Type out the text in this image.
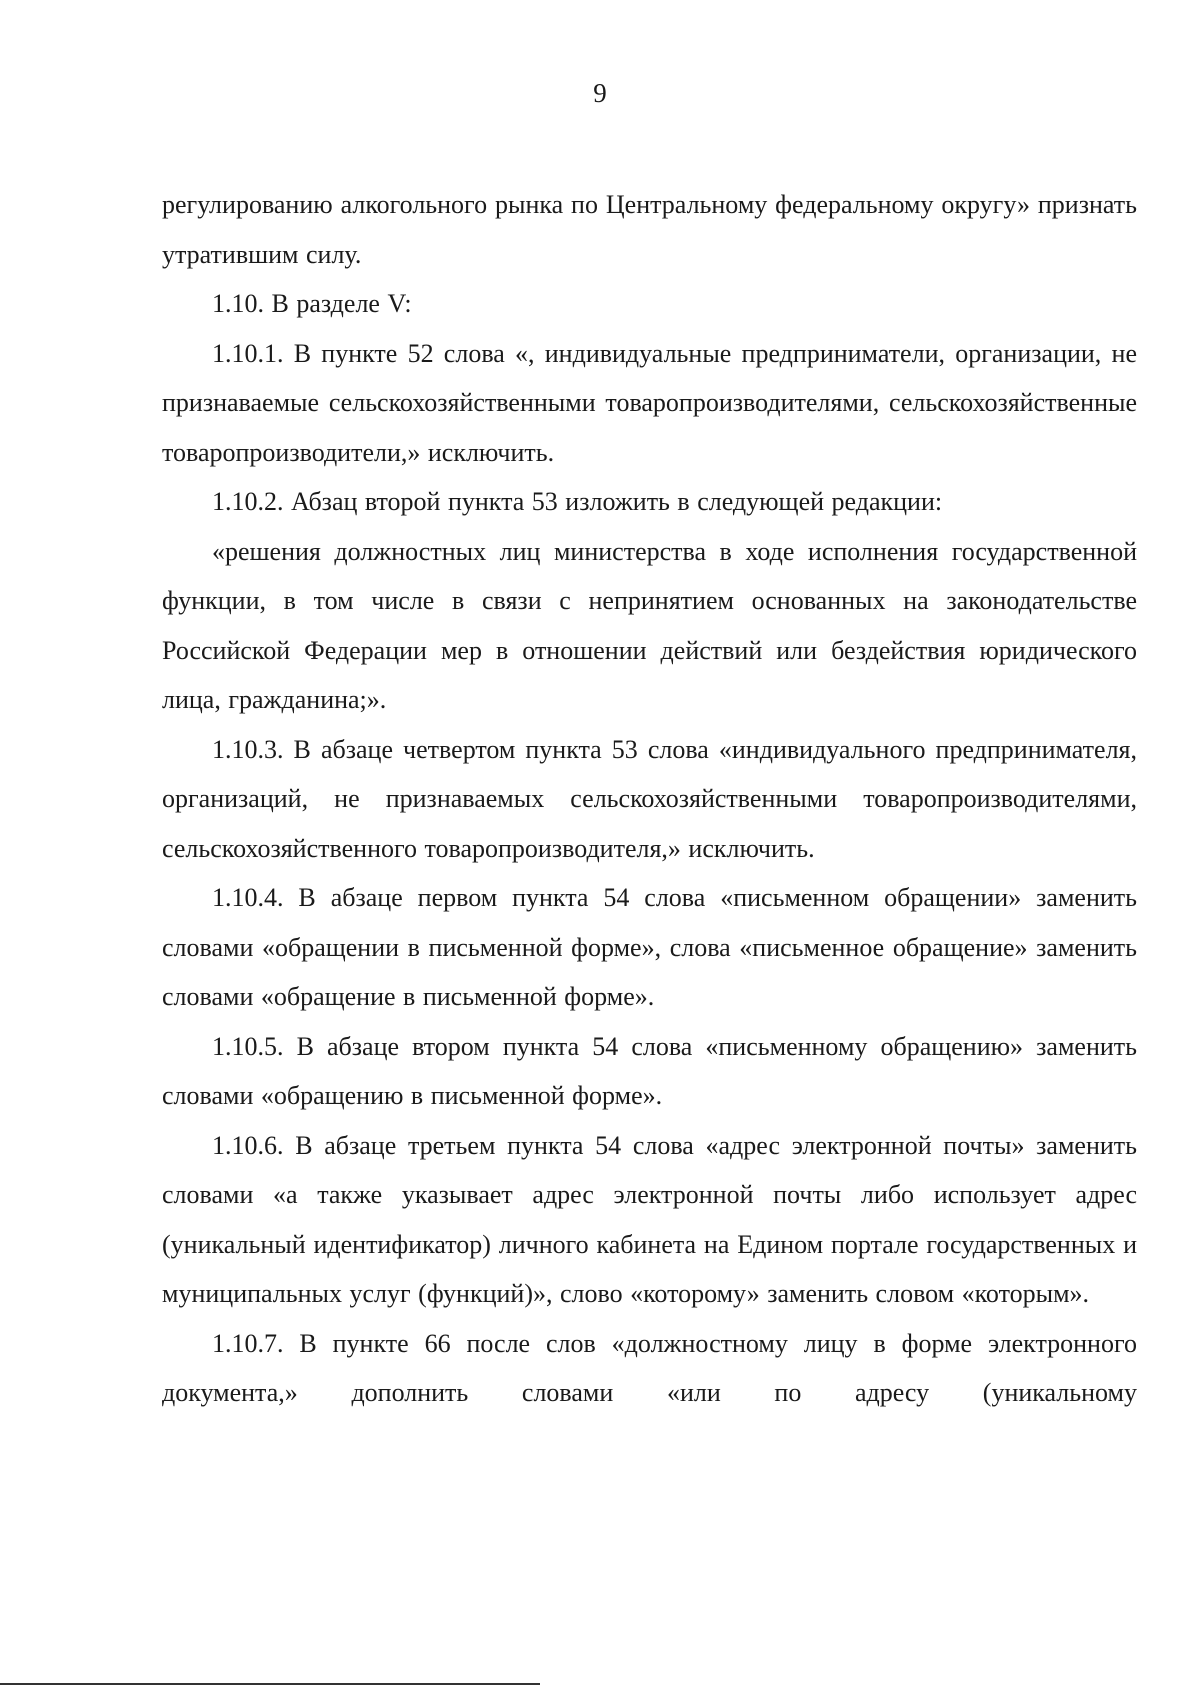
9

регулированию алкогольного рынка по Центральному федеральному округу» признать утратившим силу.

1.10. В разделе V:

1.10.1. В пункте 52 слова «, индивидуальные предприниматели, организации, не признаваемые сельскохозяйственными товаропроизводителями, сельскохозяйственные товаропроизводители,» исключить.

1.10.2. Абзац второй пункта 53 изложить в следующей редакции:

«решения должностных лиц министерства в ходе исполнения государственной функции, в том числе в связи с непринятием основанных на законодательстве Российской Федерации мер в отношении действий или бездействия юридического лица, гражданина;».

1.10.3. В абзаце четвертом пункта 53 слова «индивидуального предпринимателя, организаций, не признаваемых сельскохозяйственными товаропроизводителями, сельскохозяйственного товаропроизводителя,» исключить.

1.10.4. В абзаце первом пункта 54 слова «письменном обращении» заменить словами «обращении в письменной форме», слова «письменное обращение» заменить словами «обращение в письменной форме».

1.10.5. В абзаце втором пункта 54 слова «письменному обращению» заменить словами «обращению в письменной форме».

1.10.6. В абзаце третьем пункта 54 слова «адрес электронной почты» заменить словами «а также указывает адрес электронной почты либо использует адрес (уникальный идентификатор) личного кабинета на Едином портале государственных и муниципальных услуг (функций)», слово «которому» заменить словом «которым».

1.10.7. В пункте 66 после слов «должностному лицу в форме электронного документа,» дополнить словами «или по адресу (уникальному
